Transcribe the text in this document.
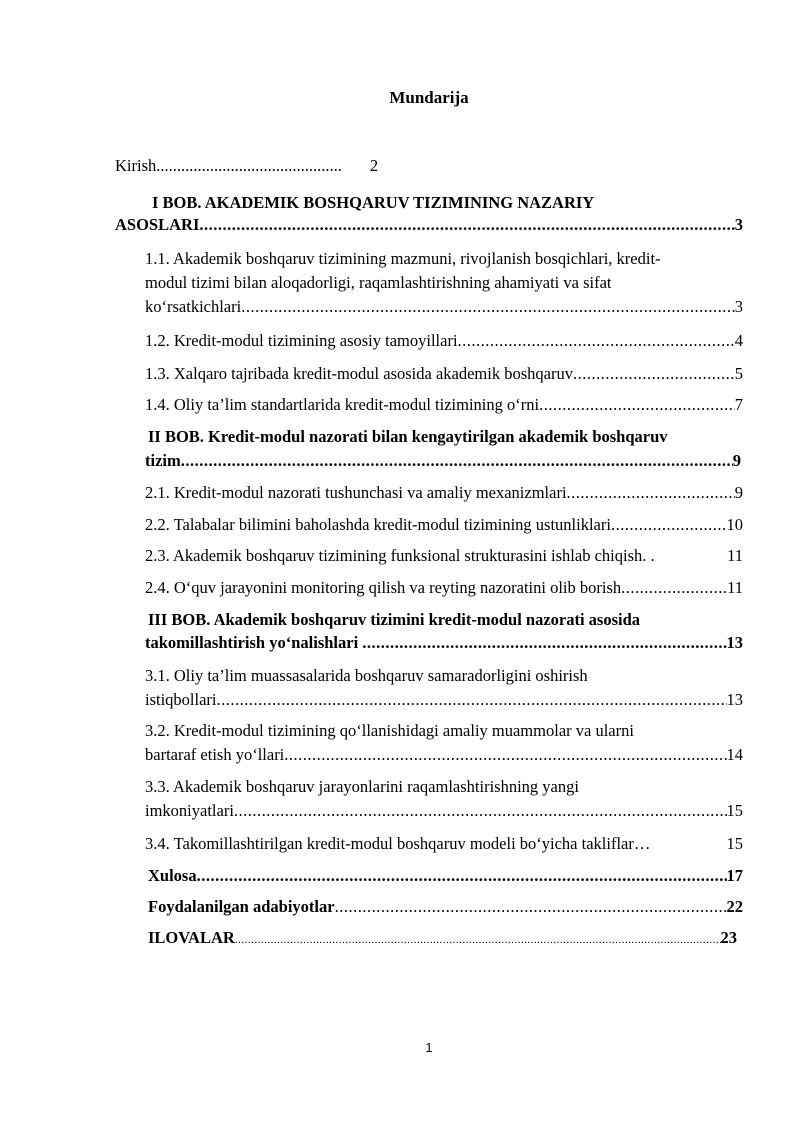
Mundarija
Kirish............................................. 2
I BOB. AKADEMIK BOSHQARUV TIZIMINING NAZARIY
ASOSLARI .....	3
1.1. Akademik boshqaruv tizimining mazmuni, rivojlanish bosqichlari, kredit-
modul tizimi bilan aloqadorligi, raqamlashtirishning ahamiyati va sifat
ko‘rsatkichlari .....	3
1.2. Kredit-modul tizimining asosiy tamoyillari .....	4
1.3. Xalqaro tajribada kredit-modul asosida akademik boshqaruv .....	5
1.4. Oliy ta’lim standartlarida kredit-modul tizimining o‘rni .....	7
II BOB. Kredit-modul nazorati bilan kengaytirilgan akademik boshqaruv
tizim .....	9
2.1. Kredit-modul nazorati tushunchasi va amaliy mexanizmlari .....	9
2.2. Talabalar bilimini baholashda kredit-modul tizimining ustunliklari .....	10
2.3. Akademik boshqaruv tizimining funksional strukturasini ishlab chiqish. .	11
2.4. O‘quv jarayonini monitoring qilish va reyting nazoratini olib borish .....	11
III BOB. Akademik boshqaruv tizimini kredit-modul nazorati asosida
takomillashtirish yo‘nalishlari .....	13
3.1. Oliy ta’lim muassasalarida boshqaruv samaradorligini oshirish
istiqbollari .....	13
3.2. Kredit-modul tizimining qo‘llanishidagi amaliy muammolar va ularni
bartaraf etish yo‘llari .....	14
3.3. Akademik boshqaruv jarayonlarini raqamlashtirishning yangi
imkoniyatlari .....	15
3.4. Takomillashtirilgan kredit-modul boshqaruv modeli bo‘yicha takliflar…	15
Xulosa .....	17
Foydalanilgan adabiyotlar .....	22
ILOVALAR .....	23
1
